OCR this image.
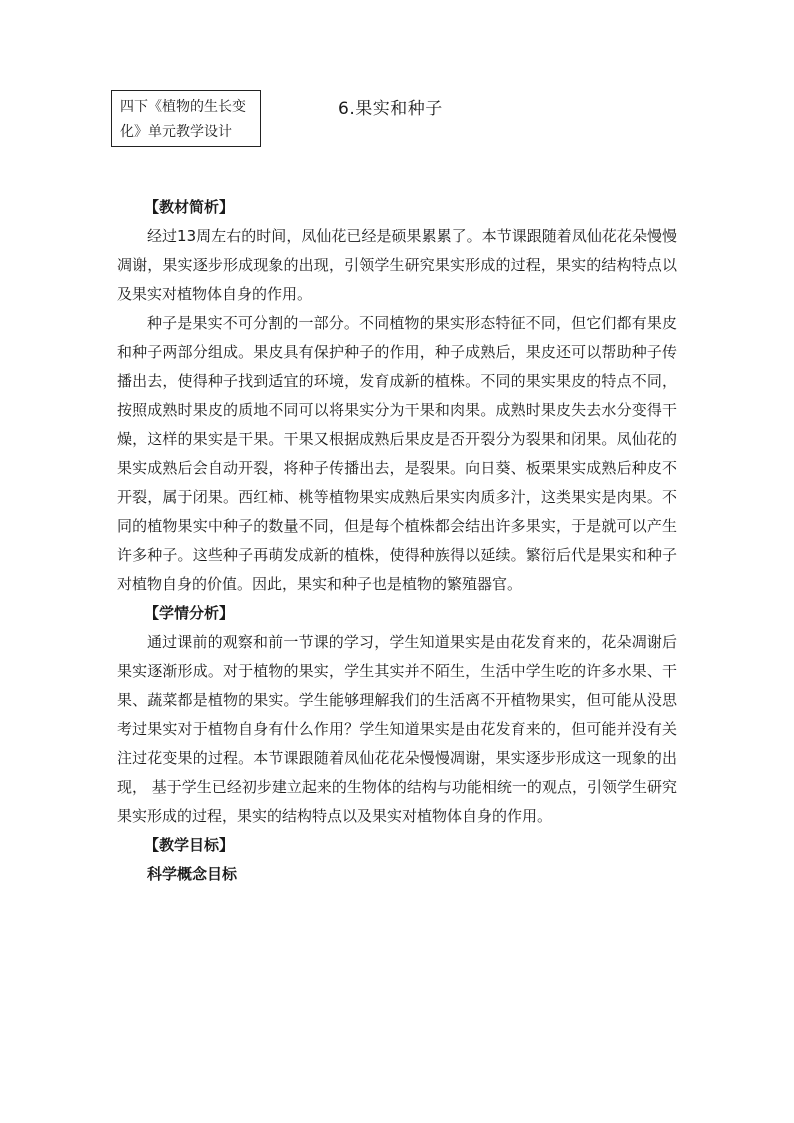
四下《植物的生长变化》单元教学设计
6.果实和种子

【教材简析】

经过13周左右的时间，凤仙花已经是硕果累累了。本节课跟随着凤仙花花朵慢慢凋谢，果实逐步形成现象的出现，引领学生研究果实形成的过程，果实的结构特点以及果实对植物体自身的作用。

种子是果实不可分割的一部分。不同植物的果实形态特征不同，但它们都有果皮和种子两部分组成。果皮具有保护种子的作用，种子成熟后，果皮还可以帮助种子传播出去，使得种子找到适宜的环境，发育成新的植株。不同的果实果皮的特点不同，按照成熟时果皮的质地不同可以将果实分为干果和肉果。成熟时果皮失去水分变得干燥，这样的果实是干果。干果又根据成熟后果皮是否开裂分为裂果和闭果。凤仙花的果实成熟后会自动开裂，将种子传播出去，是裂果。向日葵、板栗果实成熟后种皮不开裂，属于闭果。西红柿、桃等植物果实成熟后果实肉质多汁，这类果实是肉果。不同的植物果实中种子的数量不同，但是每个植株都会结出许多果实，于是就可以产生许多种子。这些种子再萌发成新的植株，使得种族得以延续。繁衍后代是果实和种子对植物自身的价值。因此，果实和种子也是植物的繁殖器官。

【学情分析】

通过课前的观察和前一节课的学习，学生知道果实是由花发育来的，花朵凋谢后果实逐渐形成。对于植物的果实，学生其实并不陌生，生活中学生吃的许多水果、干果、蔬菜都是植物的果实。学生能够理解我们的生活离不开植物果实，但可能从没思考过果实对于植物自身有什么作用？学生知道果实是由花发育来的，但可能并没有关注过花变果的过程。本节课跟随着凤仙花花朵慢慢凋谢，果实逐步形成这一现象的出现， 基于学生已经初步建立起来的生物体的结构与功能相统一的观点，引领学生研究果实形成的过程，果实的结构特点以及果实对植物体自身的作用。

【教学目标】

科学概念目标
